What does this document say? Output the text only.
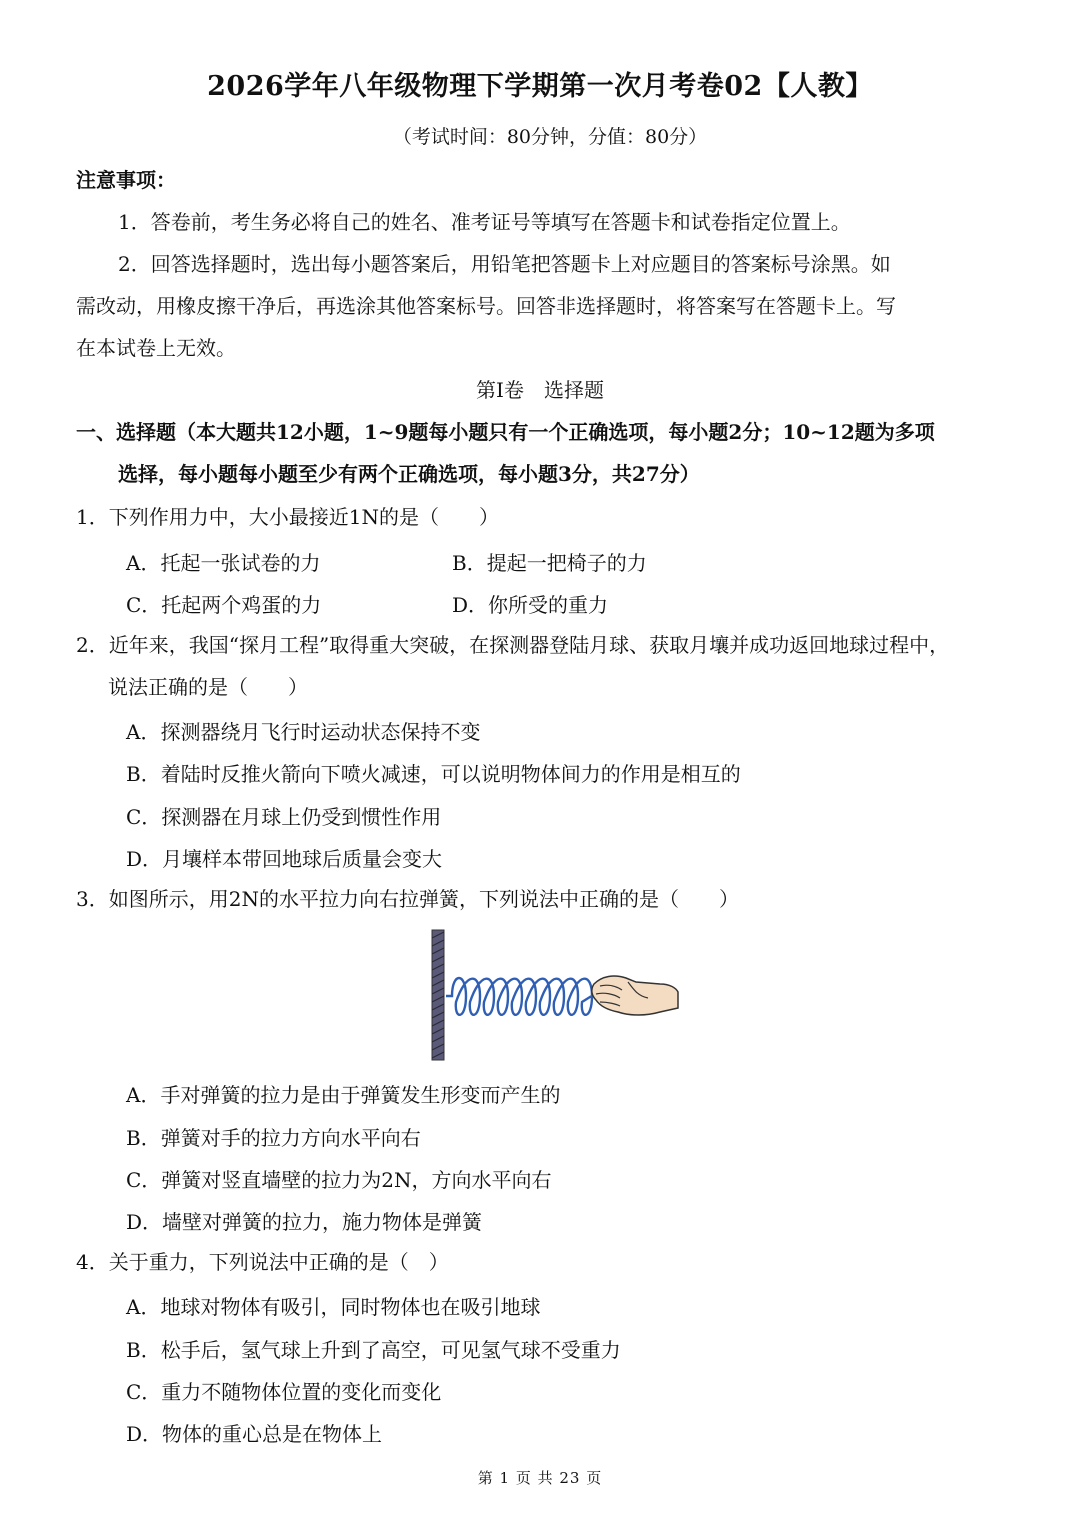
2026学年八年级物理下学期第一次月考卷02【人教】
（考试时间：80分钟，分值：80分）
注意事项：
1．答卷前，考生务必将自己的姓名、准考证号等填写在答题卡和试卷指定位置上。
2．回答选择题时，选出每小题答案后，用铅笔把答题卡上对应题目的答案标号涂黑。如
需改动，用橡皮擦干净后，再选涂其他答案标号。回答非选择题时，将答案写在答题卡上。写
在本试卷上无效。
第Ⅰ卷　选择题
一、选择题（本大题共12小题，1~9题每小题只有一个正确选项，每小题2分；10~12题为多项
选择，每小题每小题至少有两个正确选项，每小题3分，共27分）
1．下列作用力中，大小最接近1N的是（　　）
A．托起一张试卷的力	B．提起一把椅子的力
C．托起两个鸡蛋的力	D．你所受的重力
2．近年来，我国“探月工程”取得重大突破，在探测器登陆月球、获取月壤并成功返回地球过程中，
说法正确的是（　　）
A．探测器绕月飞行时运动状态保持不变
B．着陆时反推火箭向下喷火减速，可以说明物体间力的作用是相互的
C．探测器在月球上仍受到惯性作用
D．月壤样本带回地球后质量会变大
3．如图所示，用2N的水平拉力向右拉弹簧，下列说法中正确的是（　　）
A．手对弹簧的拉力是由于弹簧发生形变而产生的
B．弹簧对手的拉力方向水平向右
C．弹簧对竖直墙壁的拉力为2N，方向水平向右
D．墙壁对弹簧的拉力，施力物体是弹簧
4．关于重力，下列说法中正确的是（　）
A．地球对物体有吸引，同时物体也在吸引地球
B．松手后，氢气球上升到了高空，可见氢气球不受重力
C．重力不随物体位置的变化而变化
D．物体的重心总是在物体上
第 1 页 共 23 页
